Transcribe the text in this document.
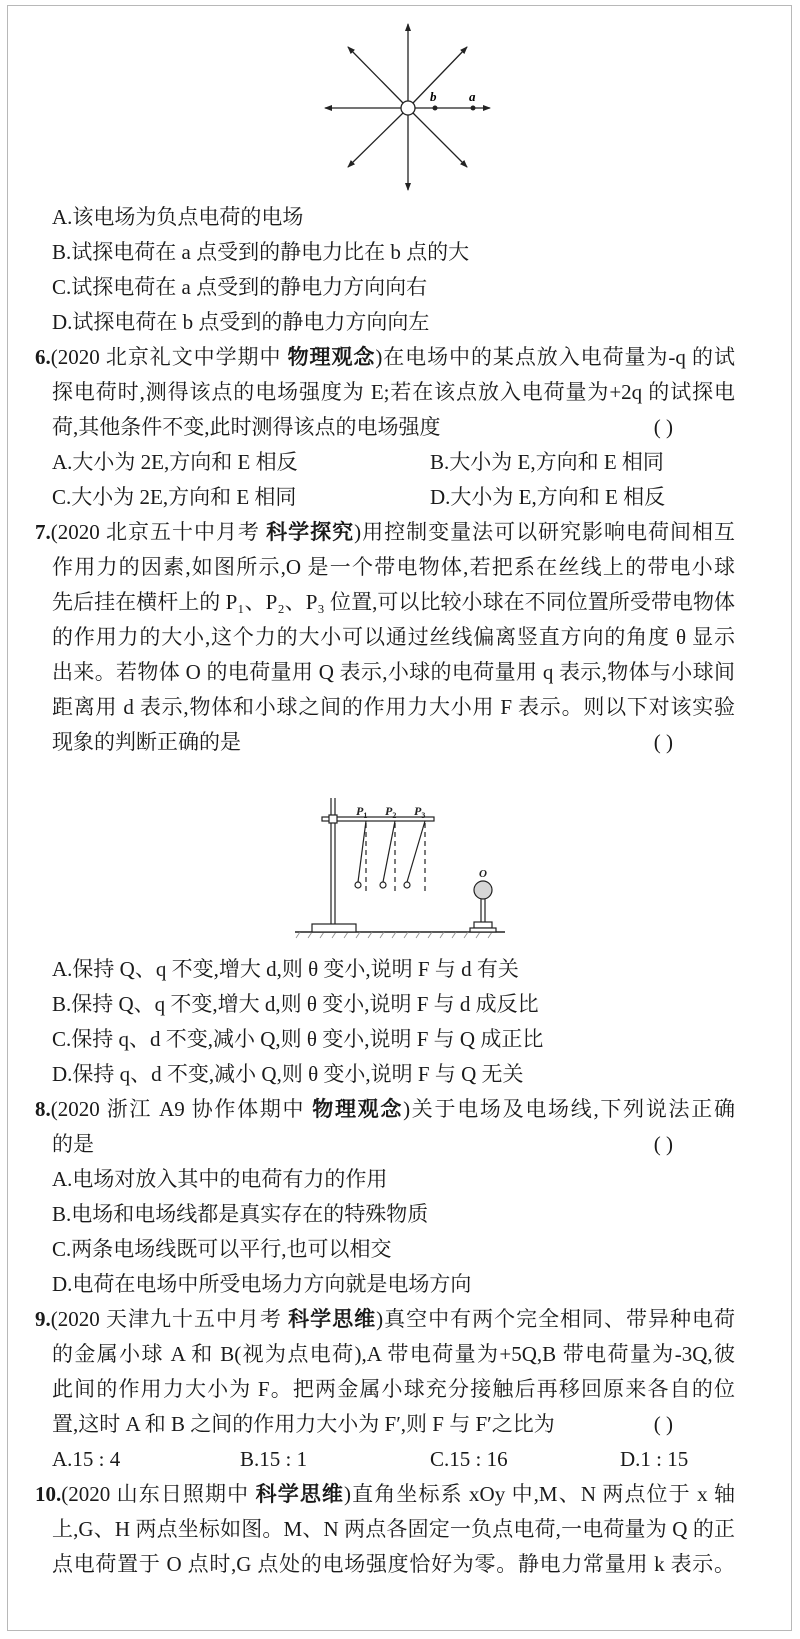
b	a
A.该电场为负点电荷的电场
B.试探电荷在 a 点受到的静电力比在 b 点的大
C.试探电荷在 a 点受到的静电力方向向右
D.试探电荷在 b 点受到的静电力方向向左
6.(2020 北京礼文中学期中 物理观念)在电场中的某点放入电荷量为-q 的试
探电荷时,测得该点的电场强度为 E;若在该点放入电荷量为+2q 的试探电
荷,其他条件不变,此时测得该点的电场强度	( )
A.大小为 2E,方向和 E 相反	B.大小为 E,方向和 E 相同
C.大小为 2E,方向和 E 相同	D.大小为 E,方向和 E 相反
7.(2020 北京五十中月考 科学探究)用控制变量法可以研究影响电荷间相互
作用力的因素,如图所示,O 是一个带电物体,若把系在丝线上的带电小球
先后挂在横杆上的 P₁、P₂、P₃ 位置,可以比较小球在不同位置所受带电物体
的作用力的大小,这个力的大小可以通过丝线偏离竖直方向的角度 θ 显示
出来。若物体 O 的电荷量用 Q 表示,小球的电荷量用 q 表示,物体与小球间
距离用 d 表示,物体和小球之间的作用力大小用 F 表示。则以下对该实验
现象的判断正确的是	( )
$P_1$ $P_2$ $P_3$
O
A.保持 Q、q 不变,增大 d,则 θ 变小,说明 F 与 d 有关
B.保持 Q、q 不变,增大 d,则 θ 变小,说明 F 与 d 成反比
C.保持 q、d 不变,减小 Q,则 θ 变小,说明 F 与 Q 成正比
D.保持 q、d 不变,减小 Q,则 θ 变小,说明 F 与 Q 无关
8.(2020 浙江 A9 协作体期中 物理观念)关于电场及电场线,下列说法正确
的是	( )
A.电场对放入其中的电荷有力的作用
B.电场和电场线都是真实存在的特殊物质
C.两条电场线既可以平行,也可以相交
D.电荷在电场中所受电场力方向就是电场方向
9.(2020 天津九十五中月考 科学思维)真空中有两个完全相同、带异种电荷
的金属小球 A 和 B(视为点电荷),A 带电荷量为+5Q,B 带电荷量为-3Q,彼
此间的作用力大小为 F。把两金属小球充分接触后再移回原来各自的位
置,这时 A 和 B 之间的作用力大小为 F′,则 F 与 F′之比为	( )
A.15 : 4	B.15 : 1	C.15 : 16	D.1 : 15
10.(2020 山东日照期中 科学思维)直角坐标系 xOy 中,M、N 两点位于 x 轴
上,G、H 两点坐标如图。M、N 两点各固定一负点电荷,一电荷量为 Q 的正
点电荷置于 O 点时,G 点处的电场强度恰好为零。静电力常量用 k 表示。
